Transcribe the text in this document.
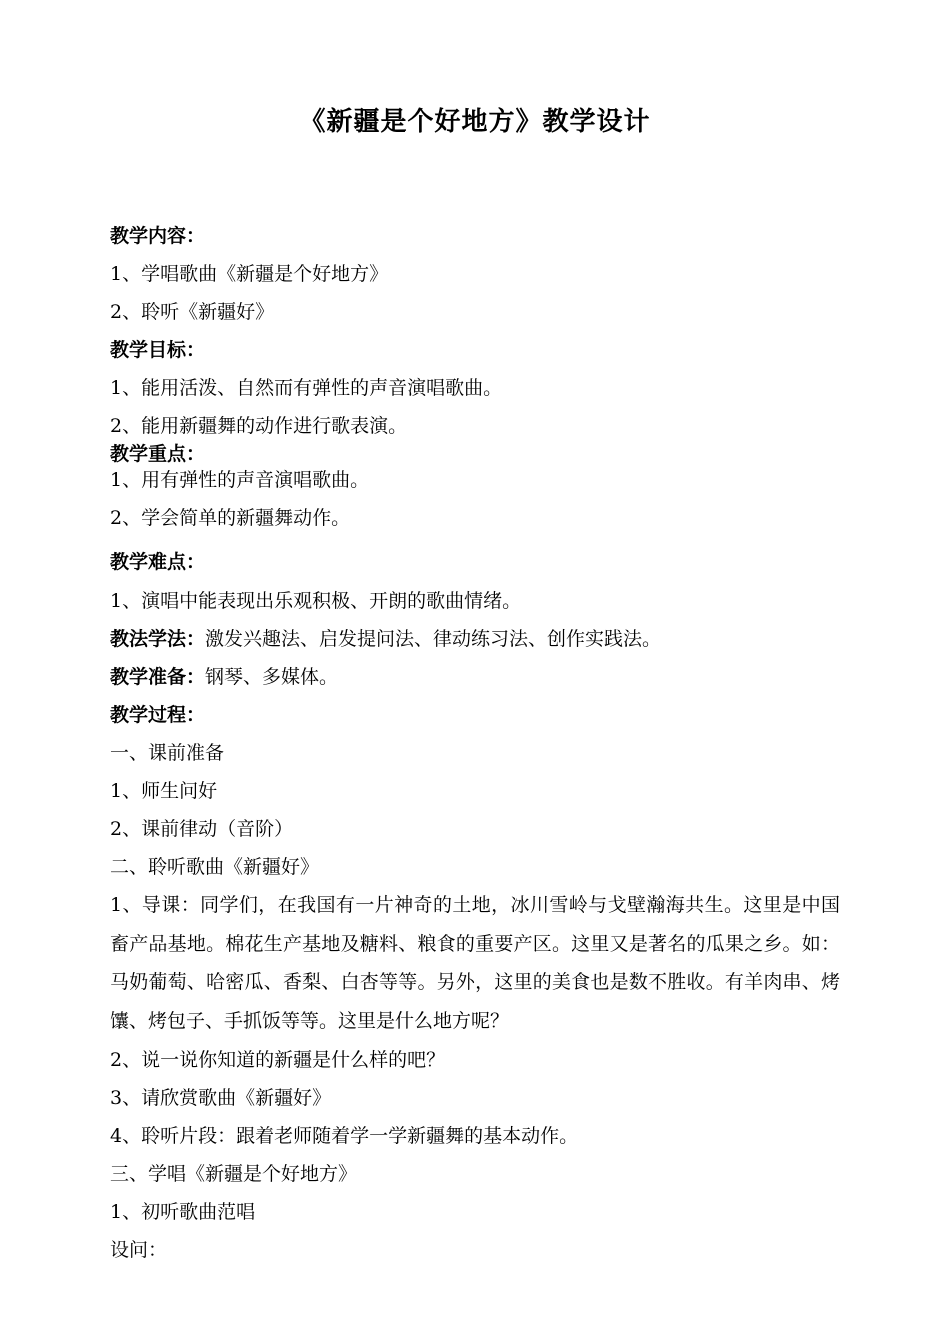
《新疆是个好地方》教学设计
教学内容：
1、学唱歌曲《新疆是个好地方》
2、聆听《新疆好》
教学目标：
1、能用活泼、自然而有弹性的声音演唱歌曲。
2、能用新疆舞的动作进行歌表演。
教学重点：
1、用有弹性的声音演唱歌曲。
2、学会简单的新疆舞动作。
教学难点：
1、演唱中能表现出乐观积极、开朗的歌曲情绪。
教法学法：激发兴趣法、启发提问法、律动练习法、创作实践法。
教学准备：钢琴、多媒体。
教学过程：
一、课前准备
1、师生问好
2、课前律动（音阶）
二、聆听歌曲《新疆好》
1、导课：同学们，在我国有一片神奇的土地，冰川雪岭与戈壁瀚海共生。这里是中国畜产品基地。棉花生产基地及糖料、粮食的重要产区。这里又是著名的瓜果之乡。如：马奶葡萄、哈密瓜、香梨、白杏等等。另外，这里的美食也是数不胜收。有羊肉串、烤馕、烤包子、手抓饭等等。这里是什么地方呢？
2、说一说你知道的新疆是什么样的吧？
3、请欣赏歌曲《新疆好》
4、聆听片段：跟着老师随着学一学新疆舞的基本动作。
三、学唱《新疆是个好地方》
1、初听歌曲范唱
设问：
